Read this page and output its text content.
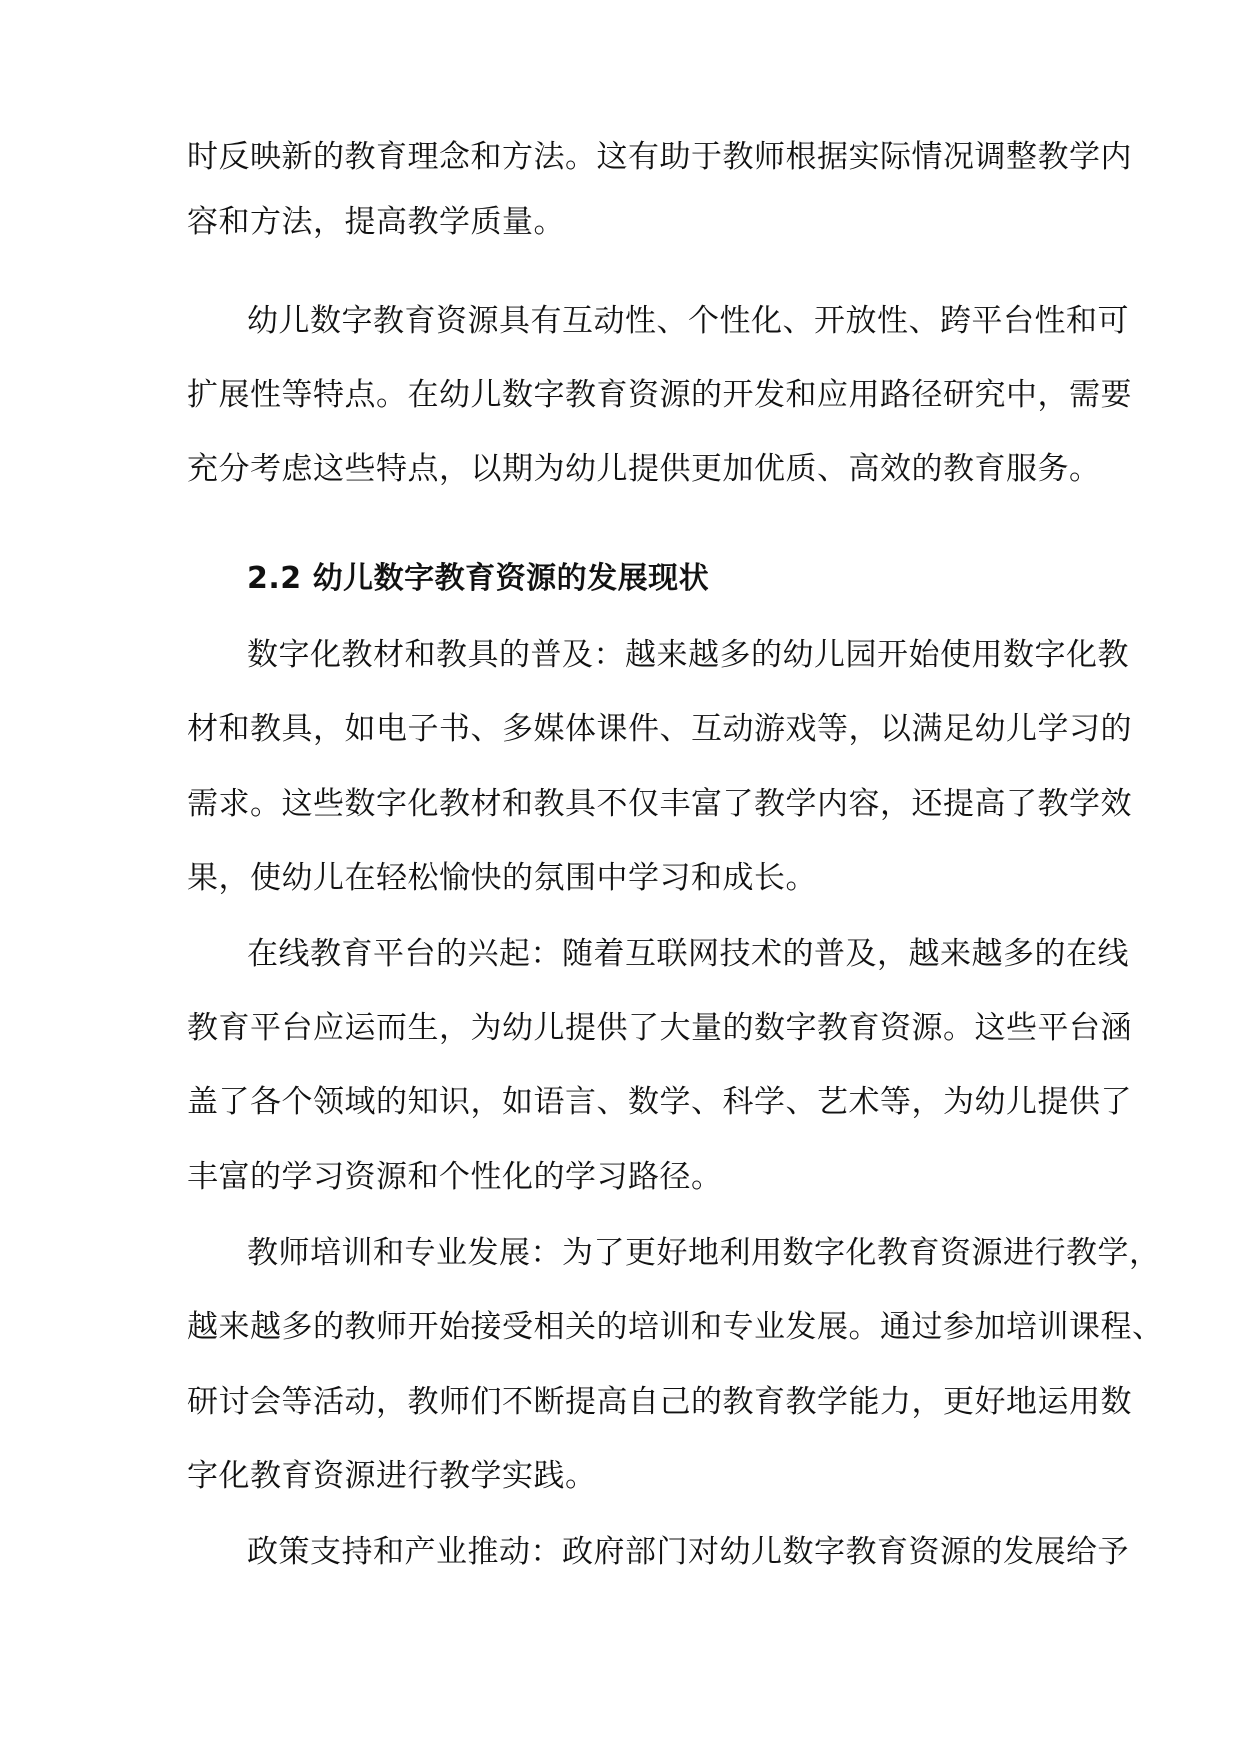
时反映新的教育理念和方法。这有助于教师根据实际情况调整教学内
容和方法，提高教学质量。
幼儿数字教育资源具有互动性、个性化、开放性、跨平台性和可
扩展性等特点。在幼儿数字教育资源的开发和应用路径研究中，需要
充分考虑这些特点，以期为幼儿提供更加优质、高效的教育服务。
2.2 幼儿数字教育资源的发展现状
数字化教材和教具的普及：越来越多的幼儿园开始使用数字化教
材和教具，如电子书、多媒体课件、互动游戏等，以满足幼儿学习的
需求。这些数字化教材和教具不仅丰富了教学内容，还提高了教学效
果，使幼儿在轻松愉快的氛围中学习和成长。
在线教育平台的兴起：随着互联网技术的普及，越来越多的在线
教育平台应运而生，为幼儿提供了大量的数字教育资源。这些平台涵
盖了各个领域的知识，如语言、数学、科学、艺术等，为幼儿提供了
丰富的学习资源和个性化的学习路径。
教师培训和专业发展：为了更好地利用数字化教育资源进行教学，
越来越多的教师开始接受相关的培训和专业发展。通过参加培训课程、
研讨会等活动，教师们不断提高自己的教育教学能力，更好地运用数
字化教育资源进行教学实践。
政策支持和产业推动：政府部门对幼儿数字教育资源的发展给予
